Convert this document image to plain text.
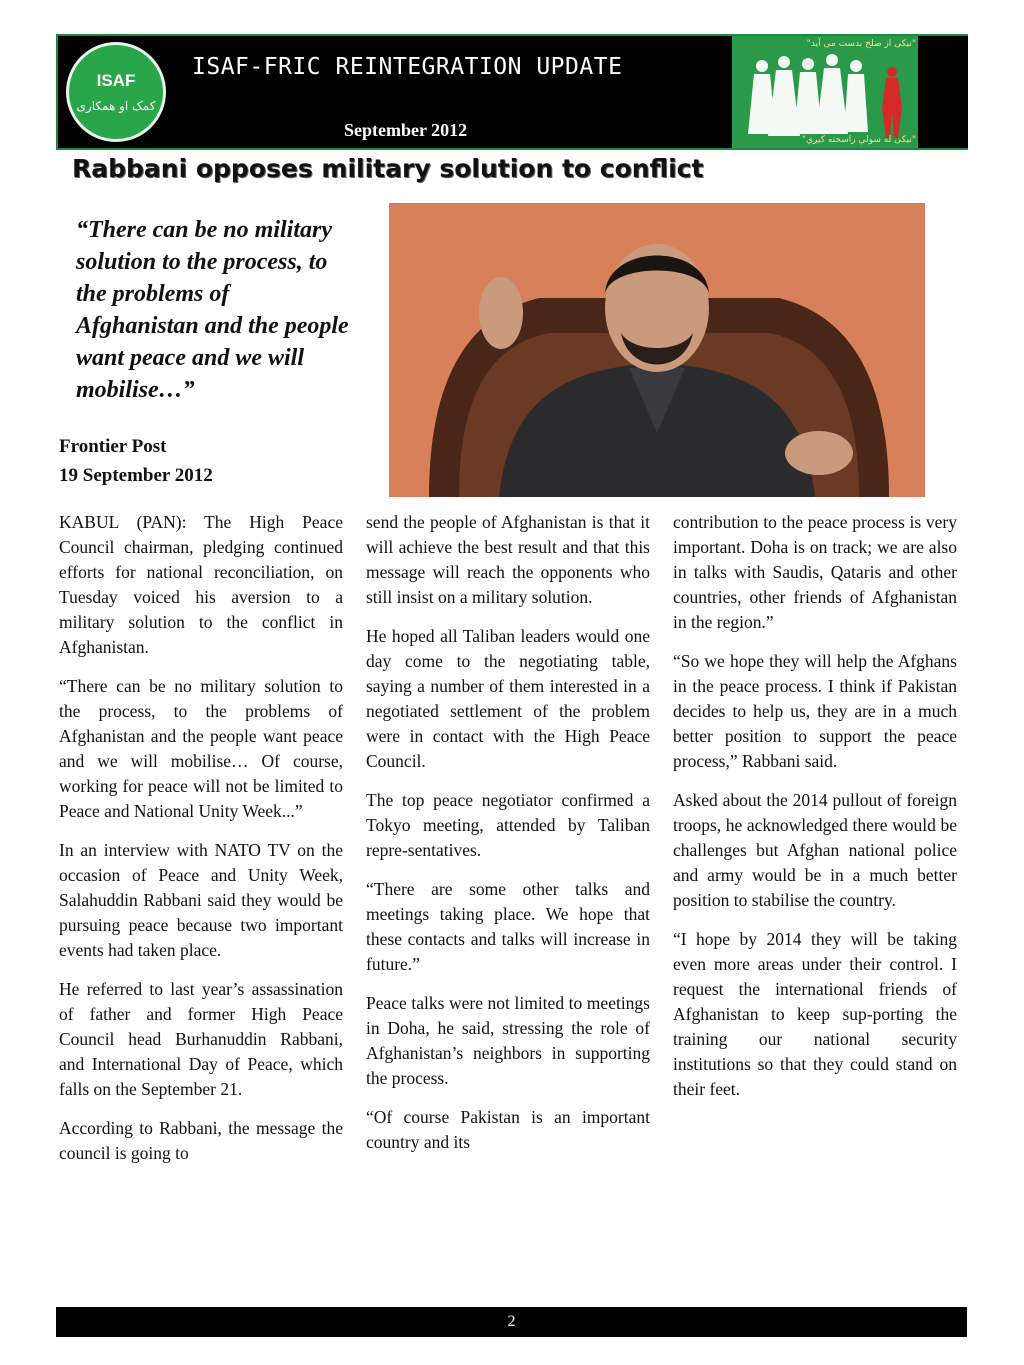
ISAF
کمک او همکاری
ISAF-FRIC REINTEGRATION UPDATE
September 2012
"نیکی از صلح بدست می آید"
"نیکی له سولې راسحته کیږي"
Rabbani opposes military solution to conflict

“There can be no military solution to the process, to the problems of Afghanistan and the people want peace and we will mobilise…”

Frontier Post
19 September 2012

KABUL (PAN): The High Peace Council chairman, pledging continued efforts for national reconciliation, on Tuesday voiced his aversion to a military solution to the conflict in Afghanistan.

“There can be no military solution to the process, to the problems of Afghanistan and the people want peace and we will mobilise… Of course, working for peace will not be limited to Peace and National Unity Week...”

In an interview with NATO TV on the occasion of Peace and Unity Week, Salahuddin Rabbani said they would be pursuing peace because two important events had taken place.

He referred to last year’s assassination of father and former High Peace Council head Burhanuddin Rabbani, and International Day of Peace, which falls on the September 21.

According to Rabbani, the message the council is going to

send the people of Afghanistan is that it will achieve the best result and that this message will reach the opponents who still insist on a military solution.

He hoped all Taliban leaders would one day come to the negotiating table, saying a number of them interested in a negotiated settlement of the problem were in contact with the High Peace Council.

The top peace negotiator confirmed a Tokyo meeting, attended by Taliban repre-sentatives.

“There are some other talks and meetings taking place. We hope that these contacts and talks will increase in future.”

Peace talks were not limited to meetings in Doha, he said, stressing the role of Afghanistan’s neighbors in supporting the process.

“Of course Pakistan is an important country and its

contribution to the peace process is very important. Doha is on track; we are also in talks with Saudis, Qataris and other countries, other friends of Afghanistan in the region.”

“So we hope they will help the Afghans in the peace process. I think if Pakistan decides to help us, they are in a much better position to support the peace process,” Rabbani said.

Asked about the 2014 pullout of foreign troops, he acknowledged there would be challenges but Afghan national police and army would be in a much better position to stabilise the country.

“I hope by 2014 they will be taking even more areas under their control. I request the international friends of Afghanistan to keep sup-porting the training our national security institutions so that they could stand on their feet.

2
